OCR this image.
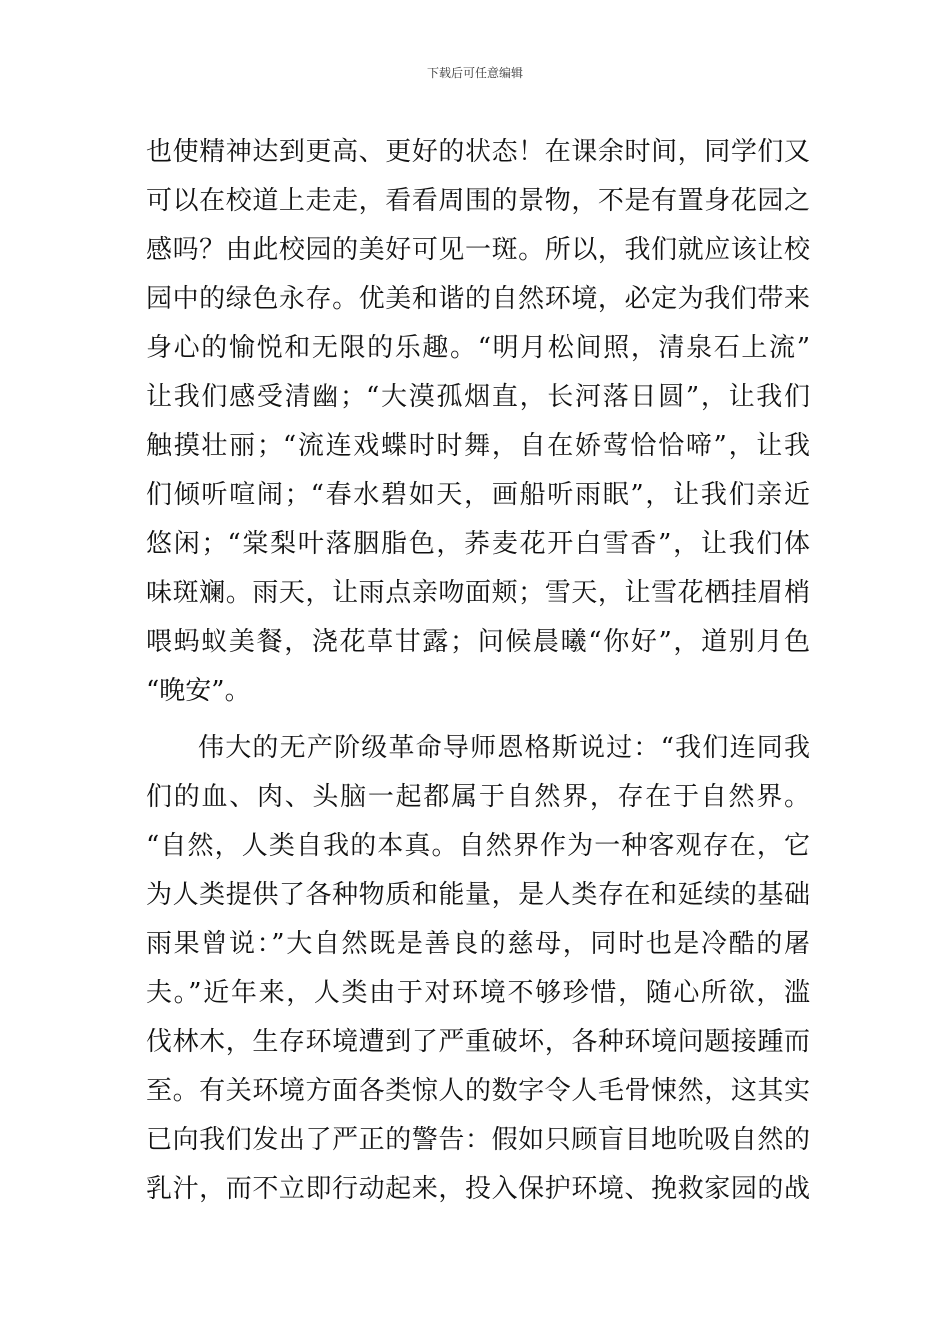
下载后可任意编辑
也使精神达到更高、更好的状态！在课余时间，同学们又
可以在校道上走走，看看周围的景物，不是有置身花园之
感吗？由此校园的美好可见一斑。所以，我们就应该让校
园中的绿色永存。优美和谐的自然环境，必定为我们带来
身心的愉悦和无限的乐趣。“明月松间照，清泉石上流”
让我们感受清幽；“大漠孤烟直，长河落日圆”，让我们
触摸壮丽；“流连戏蝶时时舞，自在娇莺恰恰啼”，让我
们倾听喧闹；“春水碧如天，画船听雨眠”，让我们亲近
悠闲；“棠梨叶落胭脂色，荞麦花开白雪香”，让我们体
味斑斓。雨天，让雨点亲吻面颊；雪天，让雪花栖挂眉梢
喂蚂蚁美餐，浇花草甘露；问候晨曦“你好”，道别月色
“晚安”。
伟大的无产阶级革命导师恩格斯说过：“我们连同我
们的血、肉、头脑一起都属于自然界，存在于自然界。
“自然，人类自我的本真。自然界作为一种客观存在，它
为人类提供了各种物质和能量，是人类存在和延续的基础
雨果曾说：”大自然既是善良的慈母，同时也是冷酷的屠
夫。”近年来，人类由于对环境不够珍惜，随心所欲，滥
伐林木，生存环境遭到了严重破坏，各种环境问题接踵而
至。有关环境方面各类惊人的数字令人毛骨悚然，这其实
已向我们发出了严正的警告：假如只顾盲目地吮吸自然的
乳汁，而不立即行动起来，投入保护环境、挽救家园的战
